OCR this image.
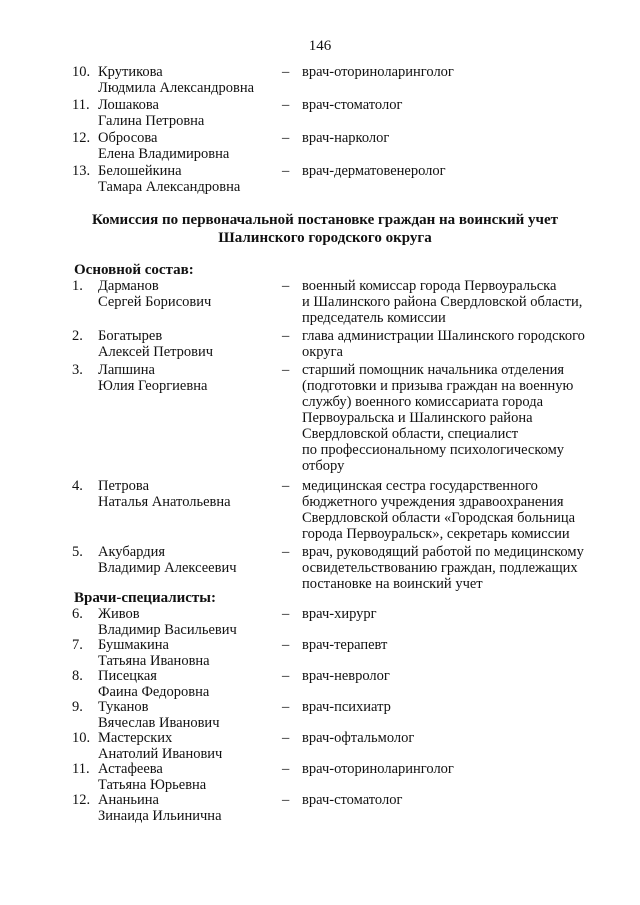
146
10. Крутикова
Людмила Александровна
– врач-оториноларинголог
11. Лошакова
Галина Петровна
– врач-стоматолог
12. Обросова
Елена Владимировна
– врач-нарколог
13. Белошейкина
Тамара Александровна
– врач-дерматовенеролог
Комиссия по первоначальной постановке граждан на воинский учет
Шалинского городского округа
Основной состав:
1.	Дарманов
Сергей Борисович
– военный комиссар города Первоуральска
и Шалинского района Свердловской области,
председатель комиссии
2.	Богатырев
Алексей Петрович
– глава администрации Шалинского городского
округа
3.	Лапшина
Юлия Георгиевна
– старший помощник начальника отделения
(подготовки и призыва граждан на военную
службу) военного комиссариата города
Первоуральска и Шалинского района
Свердловской области, специалист
по профессиональному психологическому
отбору
4.	Петрова
Наталья Анатольевна
– медицинская сестра государственного
бюджетного учреждения здравоохранения
Свердловской области «Городская больница
города Первоуральск», секретарь комиссии
5.	Акубардия
Владимир Алексеевич
– врач, руководящий работой по медицинскому
освидетельствованию граждан, подлежащих
постановке на воинский учет
Врачи-специалисты:
6.	Живов
Владимир Васильевич
– врач-хирург
7.	Бушмакина
Татьяна Ивановна
– врач-терапевт
8.	Писецкая
Фаина Федоровна
– врач-невролог
9.	Туканов
Вячеслав Иванович
– врач-психиатр
10. Мастерских
Анатолий Иванович
– врач-офтальмолог
11. Астафеева
Татьяна Юрьевна
– врач-оториноларинголог
12. Ананьина
Зинаида Ильинична
– врач-стоматолог
